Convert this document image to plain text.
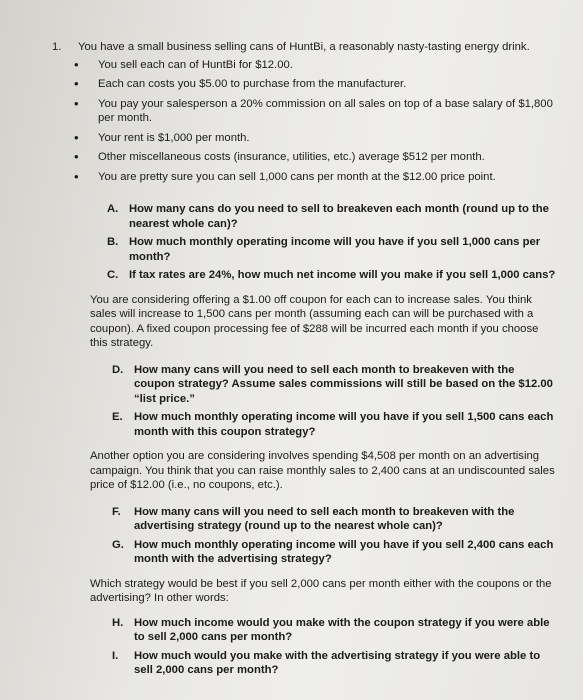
1.	You have a small business selling cans of HuntBi, a reasonably nasty-tasting energy drink.
•	You sell each can of HuntBi for $12.00.
•	Each can costs you $5.00 to purchase from the manufacturer.
•	You pay your salesperson a 20% commission on all sales on top of a base salary of $1,800 per month.
•	Your rent is $1,000 per month.
•	Other miscellaneous costs (insurance, utilities, etc.) average $512 per month.
•	You are pretty sure you can sell 1,000 cans per month at the $12.00 price point.
A. How many cans do you need to sell to breakeven each month (round up to the nearest whole can)?
B. How much monthly operating income will you have if you sell 1,000 cans per month?
C. If tax rates are 24%, how much net income will you make if you sell 1,000 cans?

You are considering offering a $1.00 off coupon for each can to increase sales. You think sales will increase to 1,500 cans per month (assuming each can will be purchased with a coupon). A fixed coupon processing fee of $288 will be incurred each month if you choose this strategy.

D. How many cans will you need to sell each month to breakeven with the coupon strategy? Assume sales commissions will still be based on the $12.00 “list price.”
E.	How much monthly operating income will you have if you sell 1,500 cans each month with this coupon strategy?

Another option you are considering involves spending $4,508 per month on an advertising campaign. You think that you can raise monthly sales to 2,400 cans at an undiscounted sales price of $12.00 (i.e., no coupons, etc.).

F.	How many cans will you need to sell each month to breakeven with the advertising strategy (round up to the nearest whole can)?
G. How much monthly operating income will you have if you sell 2,400 cans each month with the advertising strategy?

Which strategy would be best if you sell 2,000 cans per month either with the coupons or the advertising? In other words:

H. How much income would you make with the coupon strategy if you were able to sell 2,000 cans per month?
I.	How much would you make with the advertising strategy if you were able to sell 2,000 cans per month?
